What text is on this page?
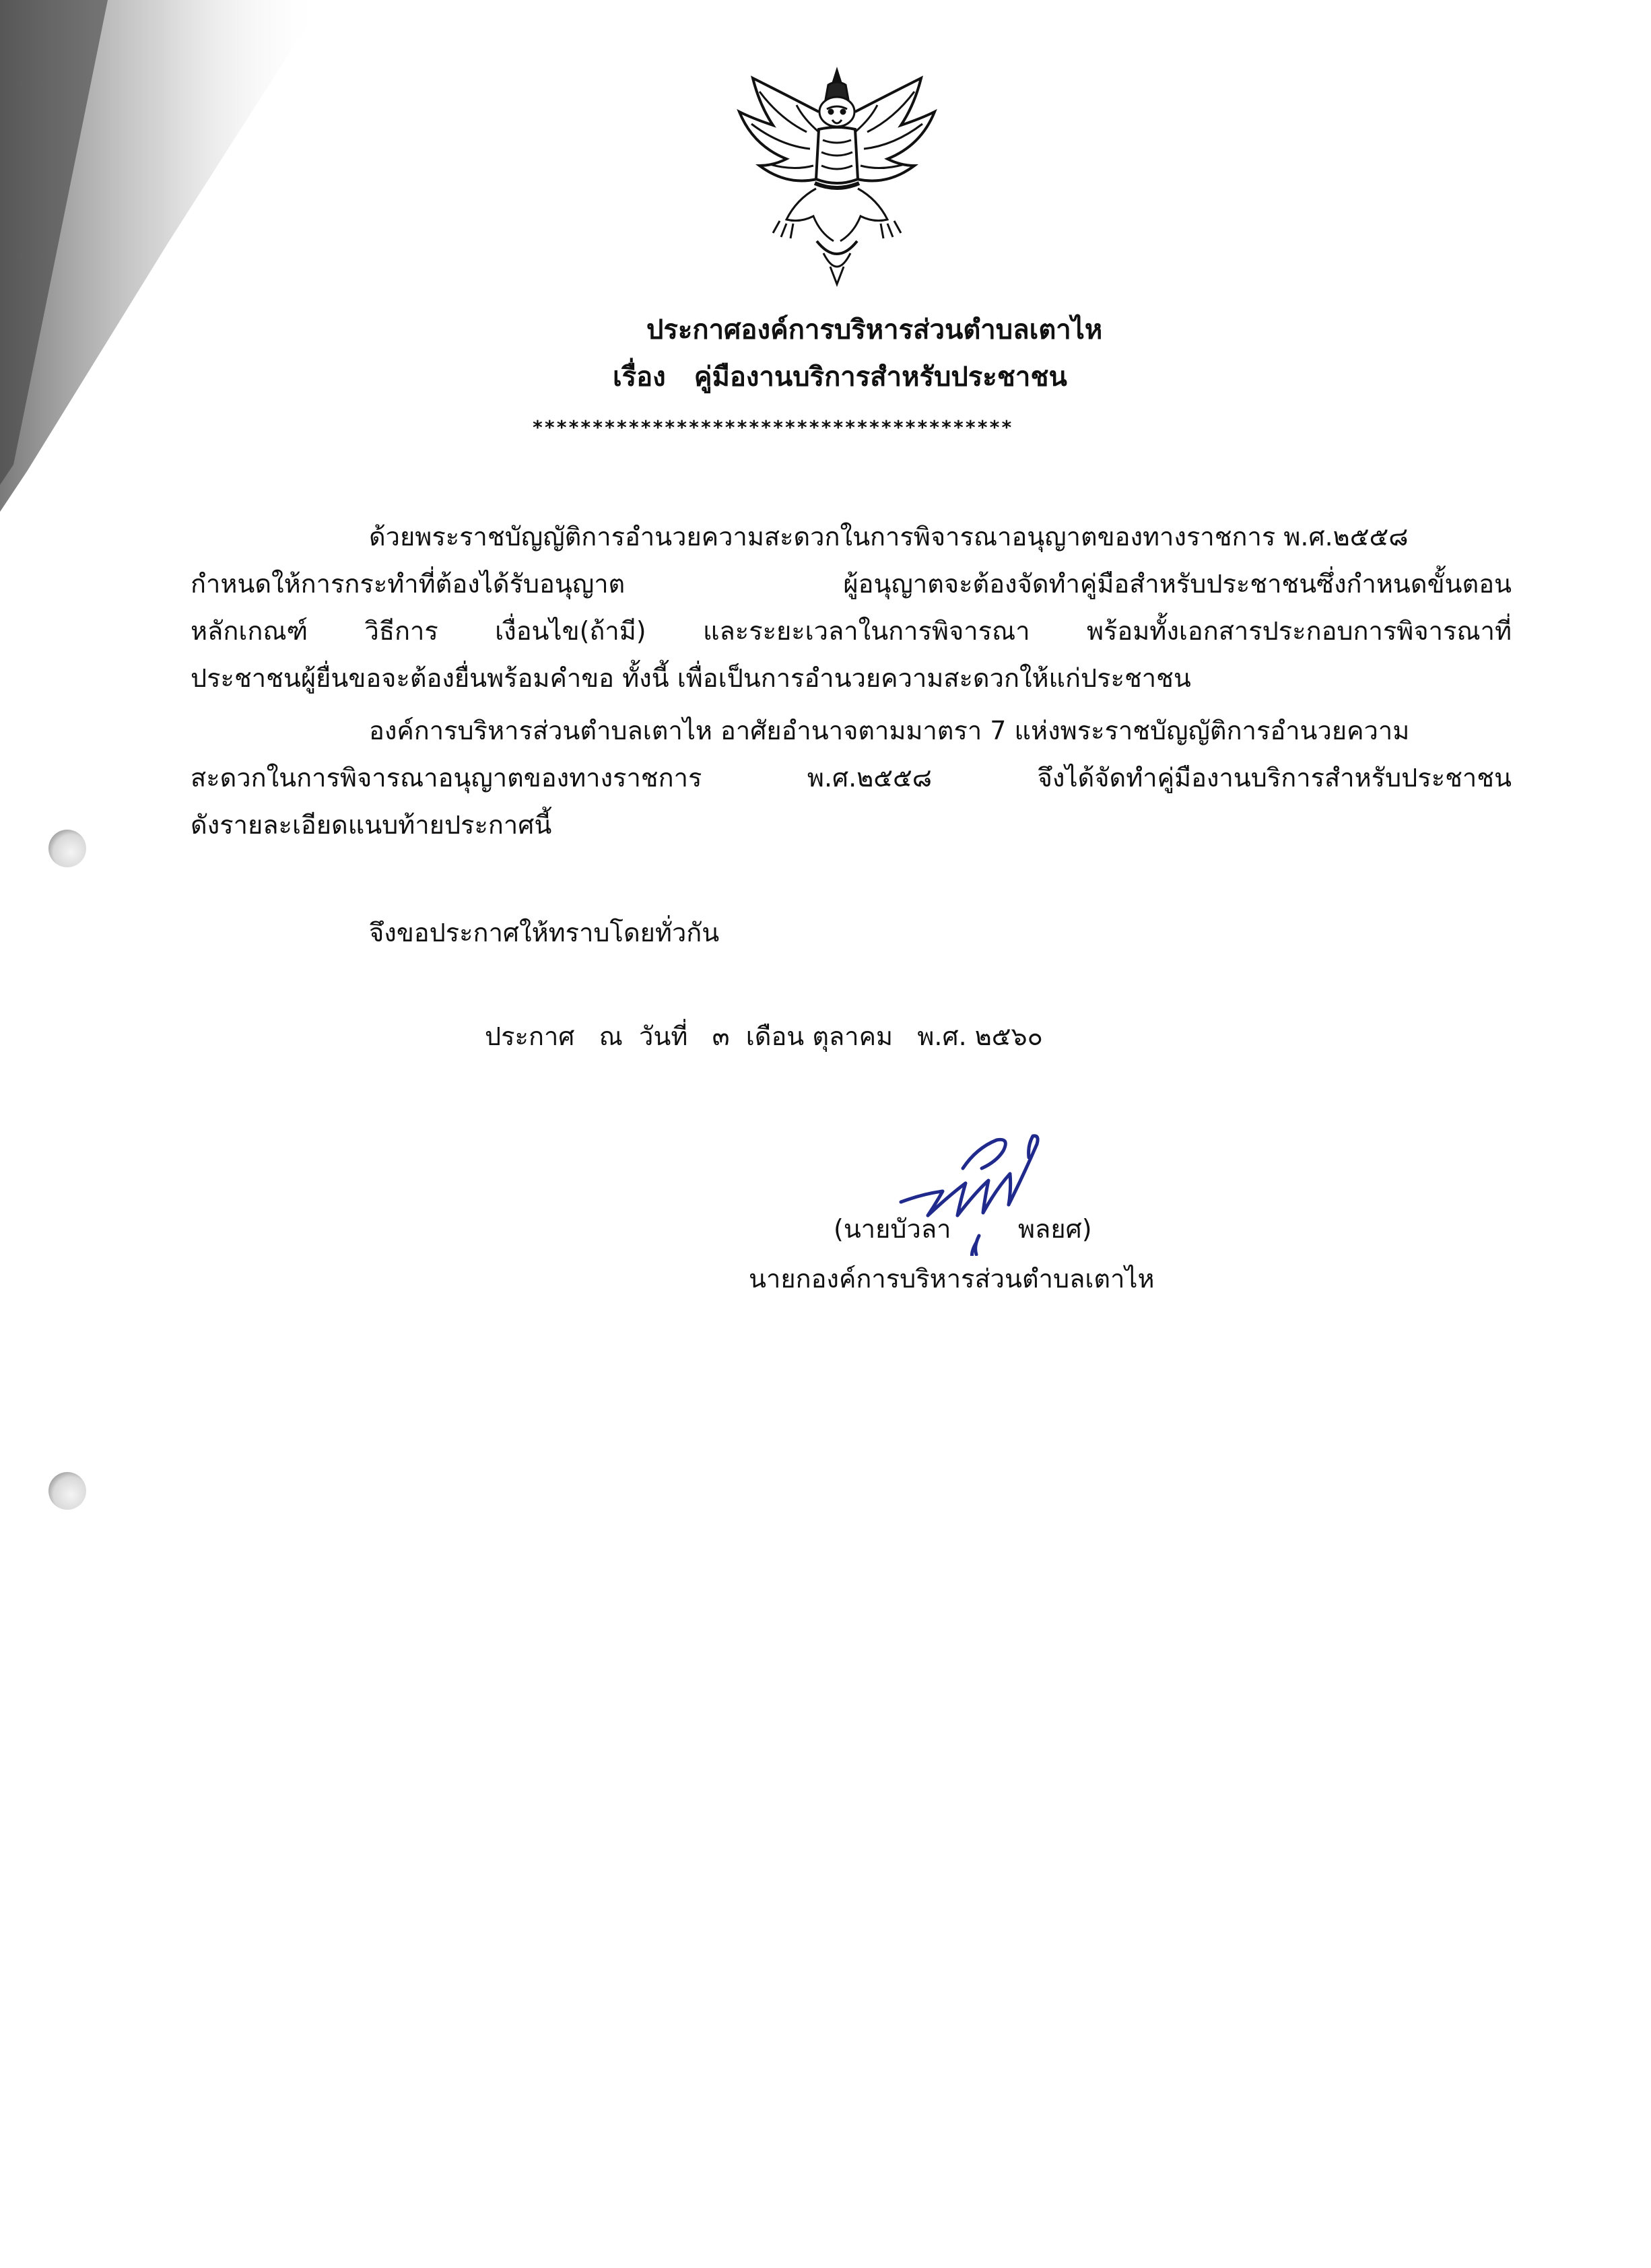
ประกาศองค์การบริหารส่วนตำบลเตาไห
เรื่อง คู่มืองานบริการสำหรับประชาชน
****************************************
ด้วยพระราชบัญญัติการอำนวยความสะดวกในการพิจารณาอนุญาตของทางราชการ พ.ศ.๒๕๕๘
กำหนดให้การกระทำที่ต้องได้รับอนุญาต ผู้อนุญาตจะต้องจัดทำคู่มือสำหรับประชาชนซึ่งกำหนดขั้นตอน
หลักเกณฑ์ วิธีการ เงื่อนไข(ถ้ามี) และระยะเวลาในการพิจารณา พร้อมทั้งเอกสารประกอบการพิจารณาที่
ประชาชนผู้ยื่นขอจะต้องยื่นพร้อมคำขอ ทั้งนี้ เพื่อเป็นการอำนวยความสะดวกให้แก่ประชาชน
องค์การบริหารส่วนตำบลเตาไห อาศัยอำนาจตามมาตรา 7 แห่งพระราชบัญญัติการอำนวยความ
สะดวกในการพิจารณาอนุญาตของทางราชการ พ.ศ.๒๕๕๘ จึงได้จัดทำคู่มืองานบริการสำหรับประชาชน
ดังรายละเอียดแนบท้ายประกาศนี้
จึงขอประกาศให้ทราบโดยทั่วกัน
ประกาศ   ณ  วันที่   ๓  เดือน ตุลาคม   พ.ศ. ๒๕๖๐
(นายบัวลา	พลยศ)
นายกองค์การบริหารส่วนตำบลเตาไห
